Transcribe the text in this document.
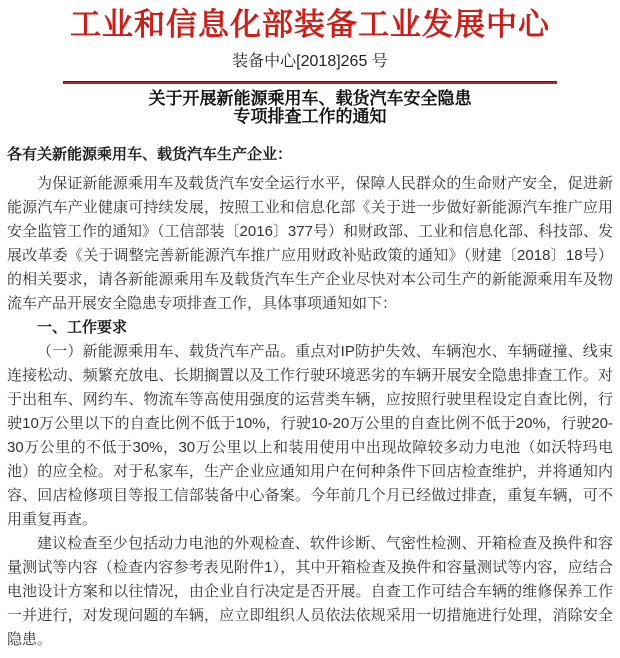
工业和信息化部装备工业发展中心
装备中心[2018]265 号
关于开展新能源乘用车、载货汽车安全隐患
专项排查工作的通知
各有关新能源乘用车、载货汽车生产企业：

为保证新能源乘用车及载货汽车安全运行水平，保障人民群众的生命财产安全，促进新能源汽车产业健康可持续发展，按照工业和信息化部《关于进一步做好新能源汽车推广应用安全监管工作的通知》（工信部装〔2016〕377号）和财政部、工业和信息化部、科技部、发展改革委《关于调整完善新能源汽车推广应用财政补贴政策的通知》（财建〔2018〕18号）的相关要求，请各新能源乘用车及载货汽车生产企业尽快对本公司生产的新能源乘用车及物流车产品开展安全隐患专项排查工作，具体事项通知如下：

一、工作要求

（一）新能源乘用车、载货汽车产品。重点对IP防护失效、车辆泡水、车辆碰撞、线束连接松动、频繁充放电、长期搁置以及工作行驶环境恶劣的车辆开展安全隐患排查工作。对于出租车、网约车、物流车等高使用强度的运营类车辆，应按照行驶里程设定自查比例，行驶10万公里以下的自查比例不低于10%，行驶10-20万公里的自查比例不低于20%，行驶20-30万公里的不低于30%，30万公里以上和装用使用中出现故障较多动力电池（如沃特玛电池）的应全检。对于私家车，生产企业应通知用户在何种条件下回店检查维护，并将通知内容、回店检修项目等报工信部装备中心备案。今年前几个月已经做过排查，重复车辆，可不用重复再查。

建议检查至少包括动力电池的外观检查、软件诊断、气密性检测、开箱检查及换件和容量测试等内容（检查内容参考表见附件1），其中开箱检查及换件和容量测试等内容，应结合电池设计方案和以往情况，由企业自行决定是否开展。自查工作可结合车辆的维修保养工作一并进行，对发现问题的车辆，应立即组织人员依法依规采用一切措施进行处理，消除安全隐患。
